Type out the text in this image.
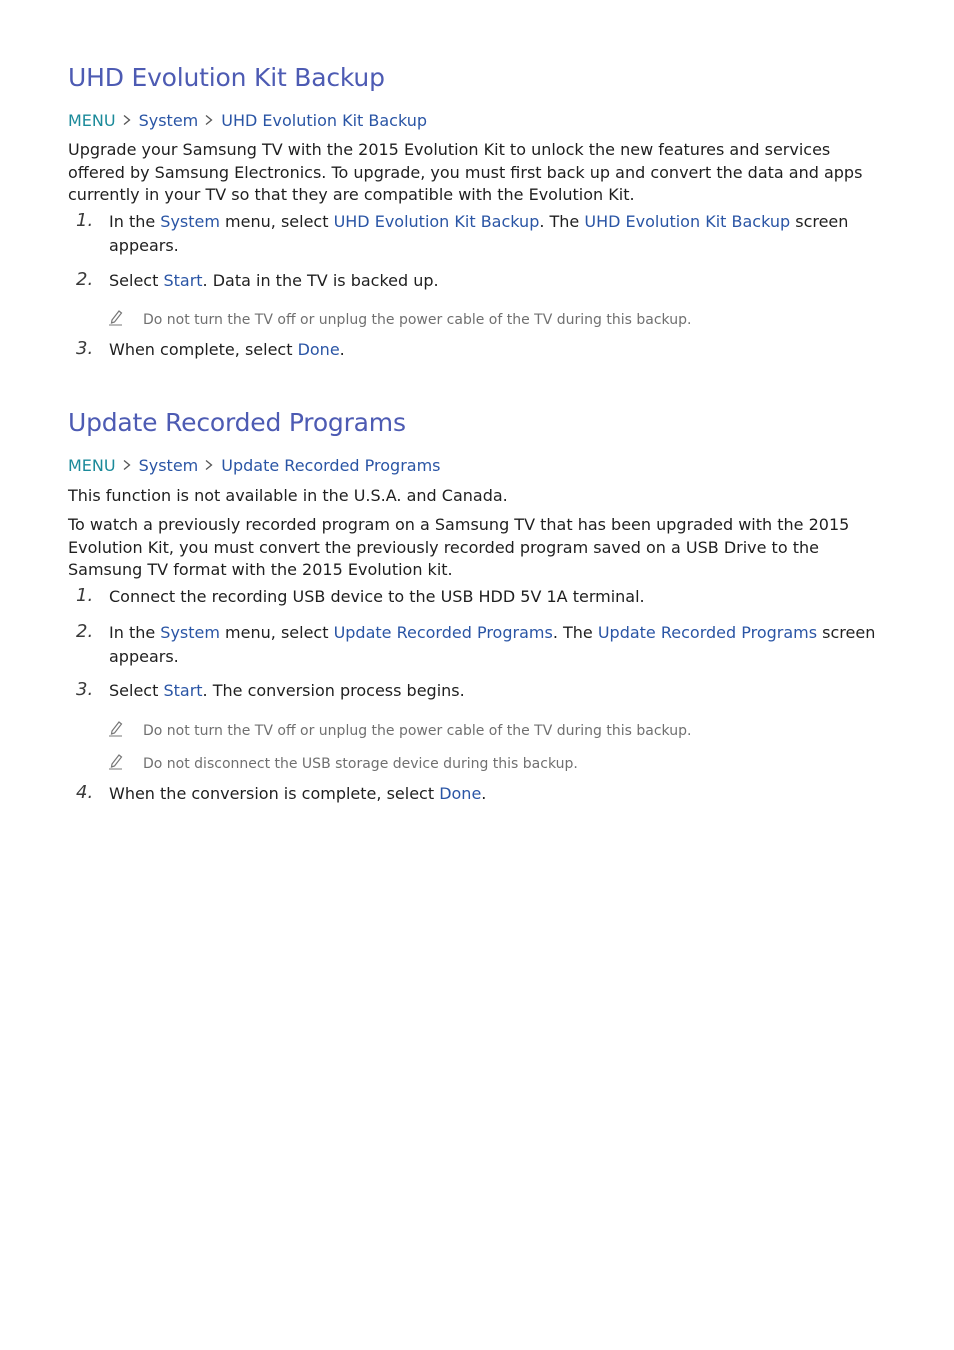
UHD Evolution Kit Backup
MENU System UHD Evolution Kit Backup
Upgrade your Samsung TV with the 2015 Evolution Kit to unlock the new features and services offered by Samsung Electronics. To upgrade, you must first back up and convert the data and apps currently in your TV so that they are compatible with the Evolution Kit.
1. In the System menu, select UHD Evolution Kit Backup. The UHD Evolution Kit Backup screen appears.
2. Select Start. Data in the TV is backed up.
Do not turn the TV off or unplug the power cable of the TV during this backup.
3. When complete, select Done.
Update Recorded Programs
MENU System Update Recorded Programs
This function is not available in the U.S.A. and Canada.
To watch a previously recorded program on a Samsung TV that has been upgraded with the 2015 Evolution Kit, you must convert the previously recorded program saved on a USB Drive to the Samsung TV format with the 2015 Evolution kit.
1. Connect the recording USB device to the USB HDD 5V 1A terminal.
2. In the System menu, select Update Recorded Programs. The Update Recorded Programs screen appears.
3. Select Start. The conversion process begins.
Do not turn the TV off or unplug the power cable of the TV during this backup.
Do not disconnect the USB storage device during this backup.
4. When the conversion is complete, select Done.
